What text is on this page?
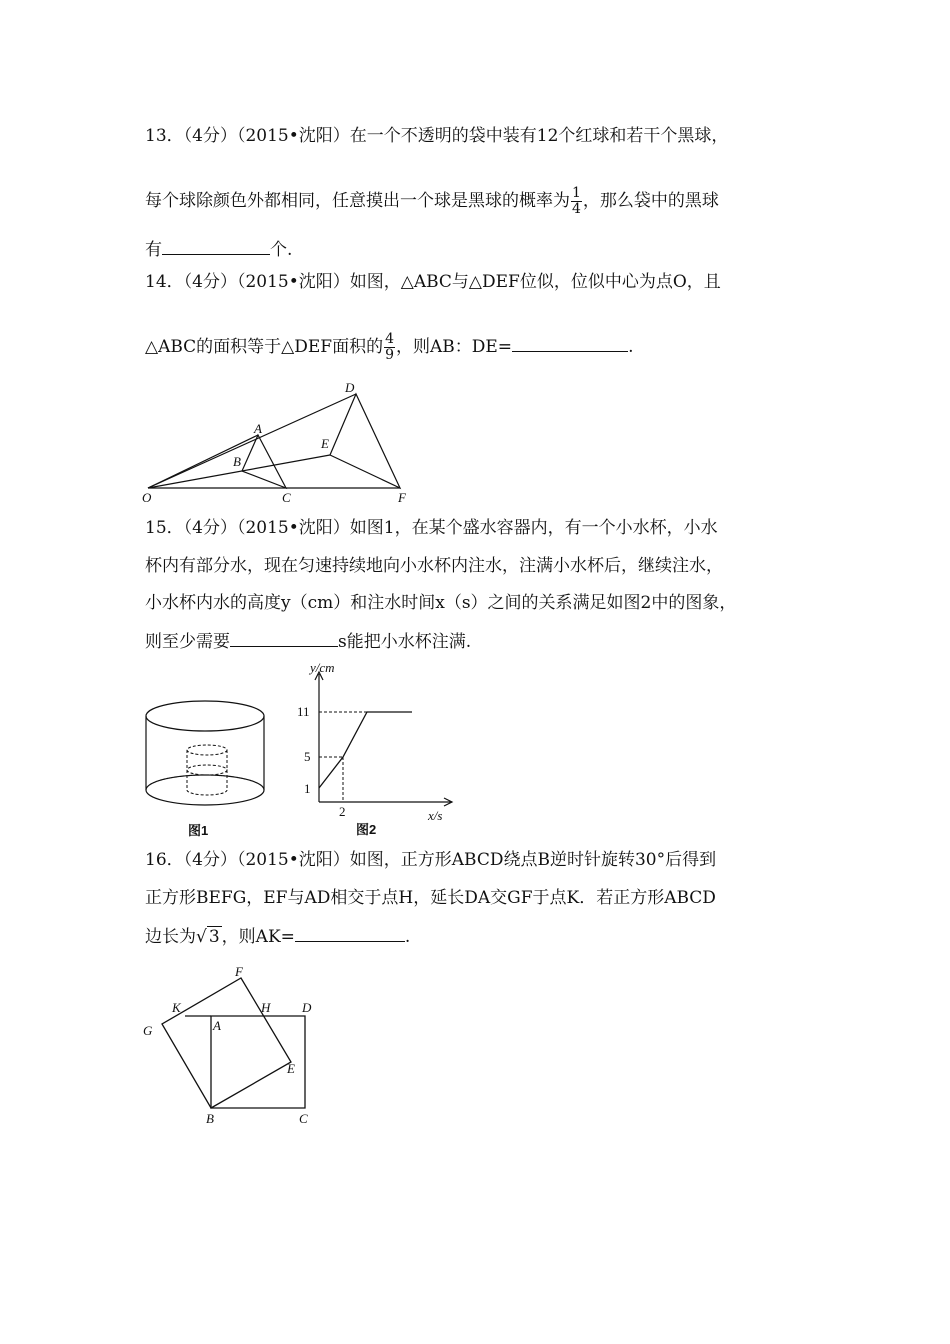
13．（4分）（2015•沈阳）在一个不透明的袋中装有12个红球和若干个黑球，
每个球除颜色外都相同，任意摸出一个球是黑球的概率为 $\frac{1}{4}$ ，那么袋中的黑球
有	个.
14．（4分）（2015•沈阳）如图，△ABC与△DEF位似，位似中心为点O，且
△ABC的面积等于△DEF面积的 $\frac{4}{9}$ ，则AB：DE=	.
O
A
B
C
D
E
F
15．（4分）（2015•沈阳）如图1，在某个盛水容器内，有一个小水杯，小水
杯内有部分水，现在匀速持续地向小水杯内注水，注满小水杯后，继续注水，
小水杯内水的高度y（cm）和注水时间x（s）之间的关系满足如图2中的图象，
则至少需要	s能把小水杯注满.
图1
y/cm
x/s
1
5
11
2
图2
16．（4分）（2015•沈阳）如图，正方形ABCD绕点B逆时针旋转30°后得到
正方形BEFG，EF与AD相交于点H，延长DA交GF于点K．若正方形ABCD
边长为√ 3 ，则AK=	.
F
K	H D
G	A
E
B	C
